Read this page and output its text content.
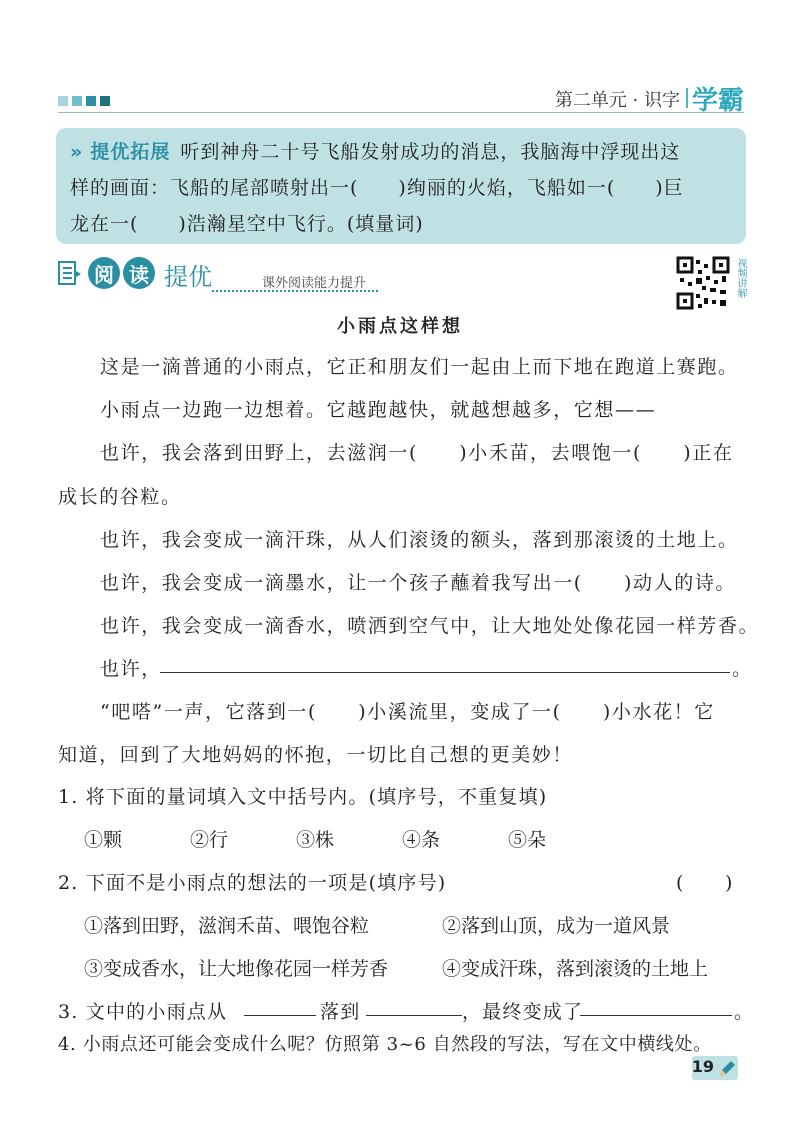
第二单元 · 识字 学霸
» 提优拓展 听到神舟二十号飞船发射成功的消息，我脑海中浮现出这
样的画面：飞船的尾部喷射出一(　　)绚丽的火焰，飞船如一(　　)巨
龙在一(　　)浩瀚星空中飞行。(填量词)
阅 读 提优	课外阅读能力提升	视频讲解
小雨点这样想
这是一滴普通的小雨点，它正和朋友们一起由上而下地在跑道上赛跑。
小雨点一边跑一边想着。它越跑越快，就越想越多，它想——
也许，我会落到田野上，去滋润一(　　)小禾苗，去喂饱一(　　)正在
成长的谷粒。
也许，我会变成一滴汗珠，从人们滚烫的额头，落到那滚烫的土地上。
也许，我会变成一滴墨水，让一个孩子蘸着我写出一(　　)动人的诗。
也许，我会变成一滴香水，喷洒到空气中，让大地处处像花园一样芳香。
也许，	。
“吧嗒”一声，它落到一(　　)小溪流里，变成了一(　　)小水花！它
知道，回到了大地妈妈的怀抱，一切比自己想的更美妙！
1. 将下面的量词填入文中括号内。(填序号，不重复填)
①颗	②行	③株	④条	⑤朵
2. 下面不是小雨点的想法的一项是(填序号)	(　　)
①落到田野，滋润禾苗、喂饱谷粒	②落到山顶，成为一道风景
③变成香水，让大地像花园一样芳香	④变成汗珠，落到滚烫的土地上
3. 文中的小雨点从	落到	，最终变成了	。
4. 小雨点还可能会变成什么呢？仿照第 3~6 自然段的写法，写在文中横线处。
19
